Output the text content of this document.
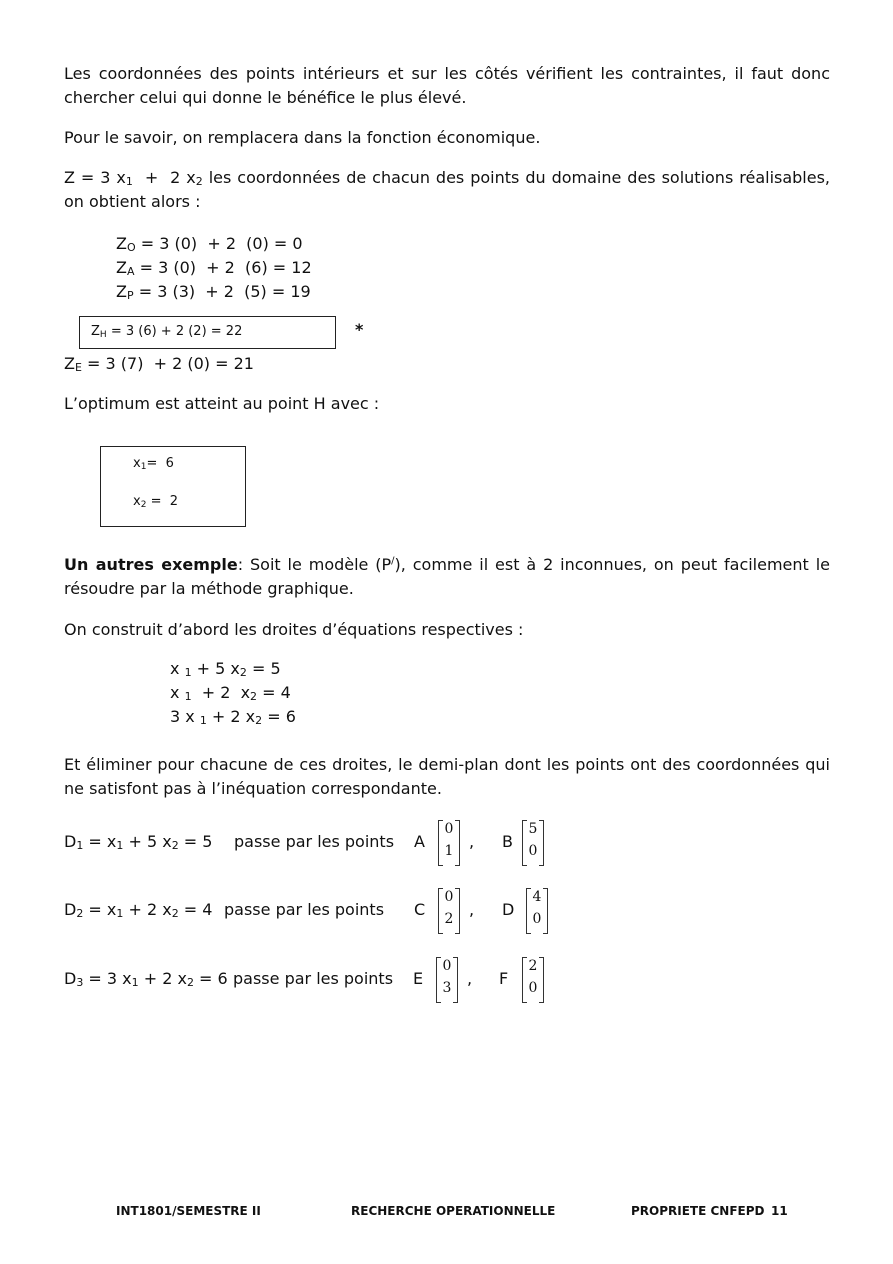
Les coordonnées des points intérieurs et sur les côtés vérifient les contraintes, il faut donc chercher celui qui donne le bénéfice le plus élevé.
Pour le savoir, on remplacera dans la fonction économique.
Z = 3 $x_1 + 2$ $x_2$ les coordonnées de chacun des points du domaine des solutions réalisables, on obtient alors :
$Z_O = 3$ (0)  + 2  (0) = 0
$Z_A = 3$ (0)  + 2  (6) = 12
$Z_P = 3$ (3)  + 2  (5) = 19
$Z_H = 3$ (6) + 2 (2) = 22	*
$Z_E = 3$ (7)  + 2 (0) = 21
L’optimum est atteint au point H avec :
$x_1= 6$
$x_2 = 2$
Un autres exemple: Soit le modèle (P/), comme il est à 2 inconnues, on peut facilement le résoudre par la méthode graphique.
On construit d’abord les droites d’équations respectives :
x $_1$ + 5 $x_2 = 5$
x $_1$  + 2  $x_2 = 4$
3 x $_1$ + 2 $x_2 = 6$
Et éliminer pour chacune de ces droites, le demi-plan dont les points ont des coordonnées qui ne satisfont pas à l’inéquation correspondante.
$D_1 = x_1 + 5$ $x_2 = 5$ passe par les points A
0
1 , B
5
0
$D_2 = x_1 + 2$ $x_2 = 4$ passe par les points C
0
2 , D
4
0
$D_3 = 3$ $x_1 + 2$ $x_2 = 6$ passe par les points E
0
3 , F
2
0
INT1801/SEMESTRE II	RECHERCHE OPERATIONNELLE	PROPRIETE CNFEPD 11
